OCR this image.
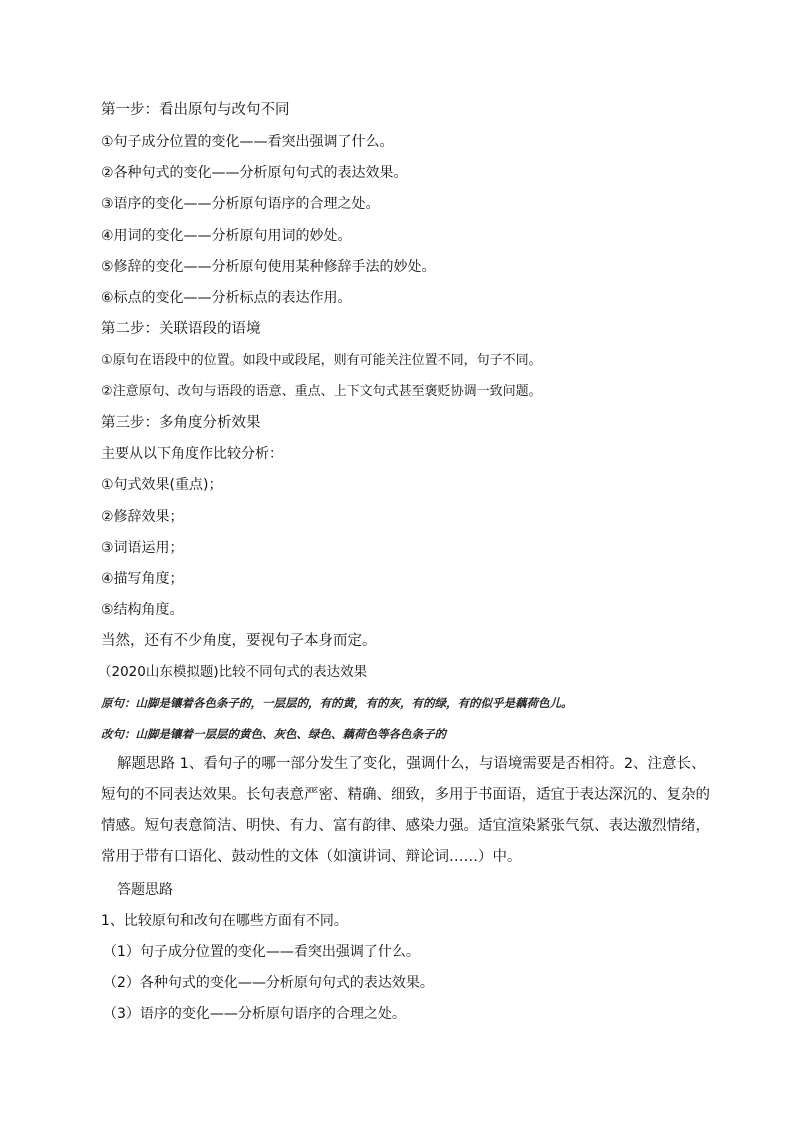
第一步：看出原句与改句不同
①句子成分位置的变化——看突出强调了什么。
②各种句式的变化——分析原句句式的表达效果。
③语序的变化——分析原句语序的合理之处。
④用词的变化——分析原句用词的妙处。
⑤修辞的变化——分析原句使用某种修辞手法的妙处。
⑥标点的变化——分析标点的表达作用。
第二步：关联语段的语境
①原句在语段中的位置。如段中或段尾，则有可能关注位置不同，句子不同。
②注意原句、改句与语段的语意、重点、上下文句式甚至褒贬协调一致问题。
第三步：多角度分析效果
主要从以下角度作比较分析：
①句式效果(重点)；
②修辞效果；
③词语运用；
④描写角度；
⑤结构角度。
当然，还有不少角度，要视句子本身而定。
（2020山东模拟题)比较不同句式的表达效果
原句：山脚是镶着各色条子的，一层层的，有的黄，有的灰，有的绿，有的似乎是藕荷色儿。
改句：山脚是镶着一层层的黄色、灰色、绿色、藕荷色等各色条子的
解题思路 1、看句子的哪一部分发生了变化，强调什么，与语境需要是否相符。2、注意长、短句的不同表达效果。长句表意严密、精确、细致，多用于书面语，适宜于表达深沉的、复杂的情感。短句表意简洁、明快、有力、富有韵律、感染力强。适宜渲染紧张气氛、表达激烈情绪，常用于带有口语化、鼓动性的文体（如演讲词、辩论词……）中。
答题思路
1、比较原句和改句在哪些方面有不同。
（1）句子成分位置的变化——看突出强调了什么。
（2）各种句式的变化——分析原句句式的表达效果。
（3）语序的变化——分析原句语序的合理之处。
